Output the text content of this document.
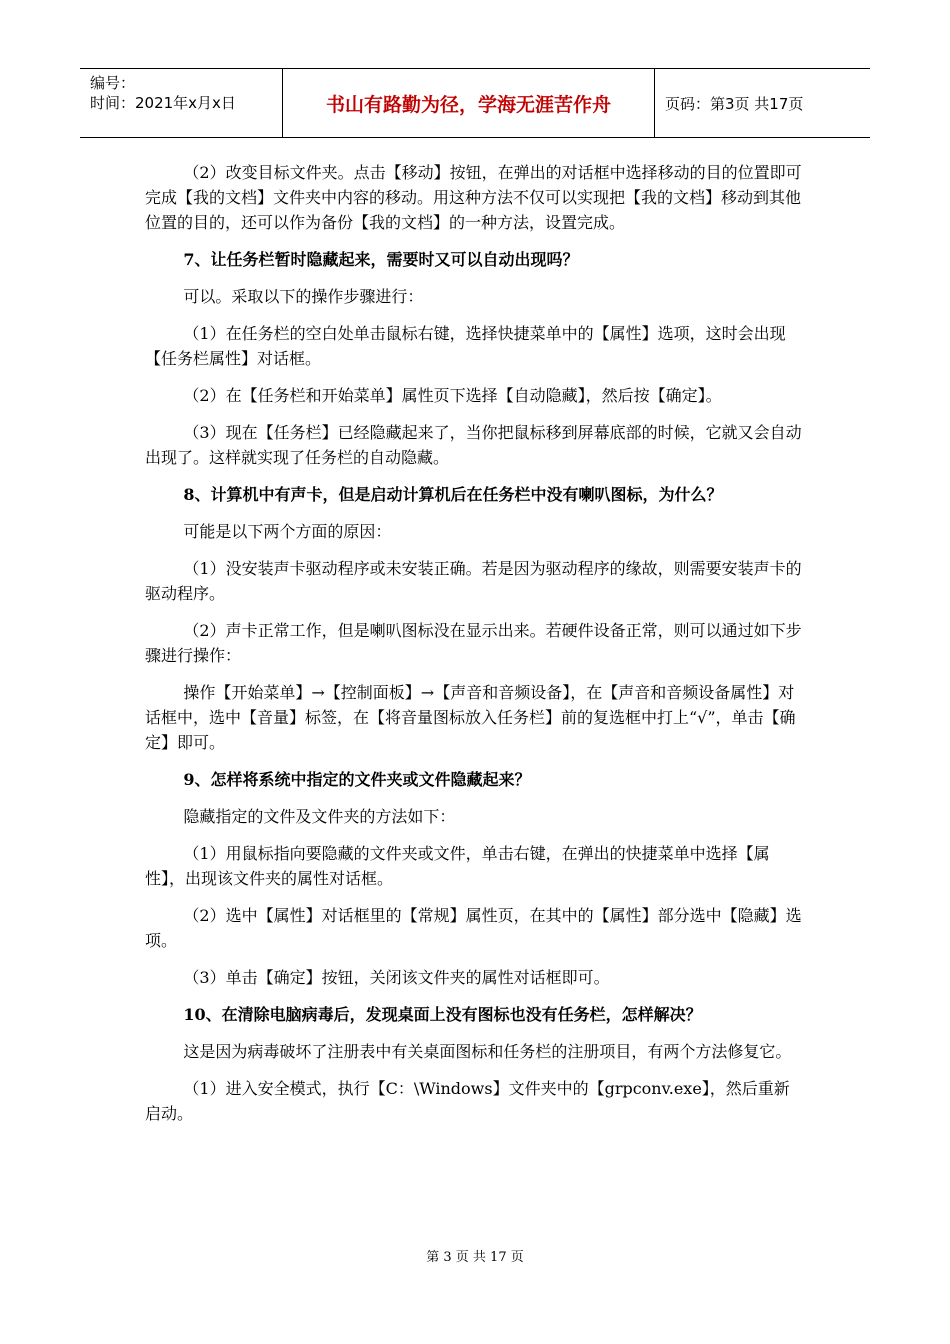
编号：
时间：2021年x月x日	书山有路勤为径，学海无涯苦作舟	页码：第3页 共17页

（2）改变目标文件夹。点击【移动】按钮，在弹出的对话框中选择移动的目的位置即可完成【我的文档】文件夹中内容的移动。用这种方法不仅可以实现把【我的文档】移动到其他位置的目的，还可以作为备份【我的文档】的一种方法，设置完成。

7、让任务栏暂时隐藏起来，需要时又可以自动出现吗？

可以。采取以下的操作步骤进行：

（1）在任务栏的空白处单击鼠标右键，选择快捷菜单中的【属性】选项，这时会出现【任务栏属性】对话框。

（2）在【任务栏和开始菜单】属性页下选择【自动隐藏】，然后按【确定】。

（3）现在【任务栏】已经隐藏起来了，当你把鼠标移到屏幕底部的时候，它就又会自动出现了。这样就实现了任务栏的自动隐藏。

8、计算机中有声卡，但是启动计算机后在任务栏中没有喇叭图标，为什么？

可能是以下两个方面的原因：

（1）没安装声卡驱动程序或未安装正确。若是因为驱动程序的缘故，则需要安装声卡的驱动程序。

（2）声卡正常工作，但是喇叭图标没在显示出来。若硬件设备正常，则可以通过如下步骤进行操作：

操作【开始菜单】→【控制面板】→【声音和音频设备】，在【声音和音频设备属性】对话框中，选中【音量】标签，在【将音量图标放入任务栏】前的复选框中打上“√”，单击【确定】即可。

9、怎样将系统中指定的文件夹或文件隐藏起来？

隐藏指定的文件及文件夹的方法如下：

（1）用鼠标指向要隐藏的文件夹或文件，单击右键，在弹出的快捷菜单中选择【属性】，出现该文件夹的属性对话框。

（2）选中【属性】对话框里的【常规】属性页，在其中的【属性】部分选中【隐藏】选项。

（3）单击【确定】按钮，关闭该文件夹的属性对话框即可。

10、在清除电脑病毒后，发现桌面上没有图标也没有任务栏，怎样解决？

这是因为病毒破坏了注册表中有关桌面图标和任务栏的注册项目，有两个方法修复它。

（1）进入安全模式，执行【C：\Windows】文件夹中的【grpconv.exe】，然后重新启动。

第 3 页 共 17 页
